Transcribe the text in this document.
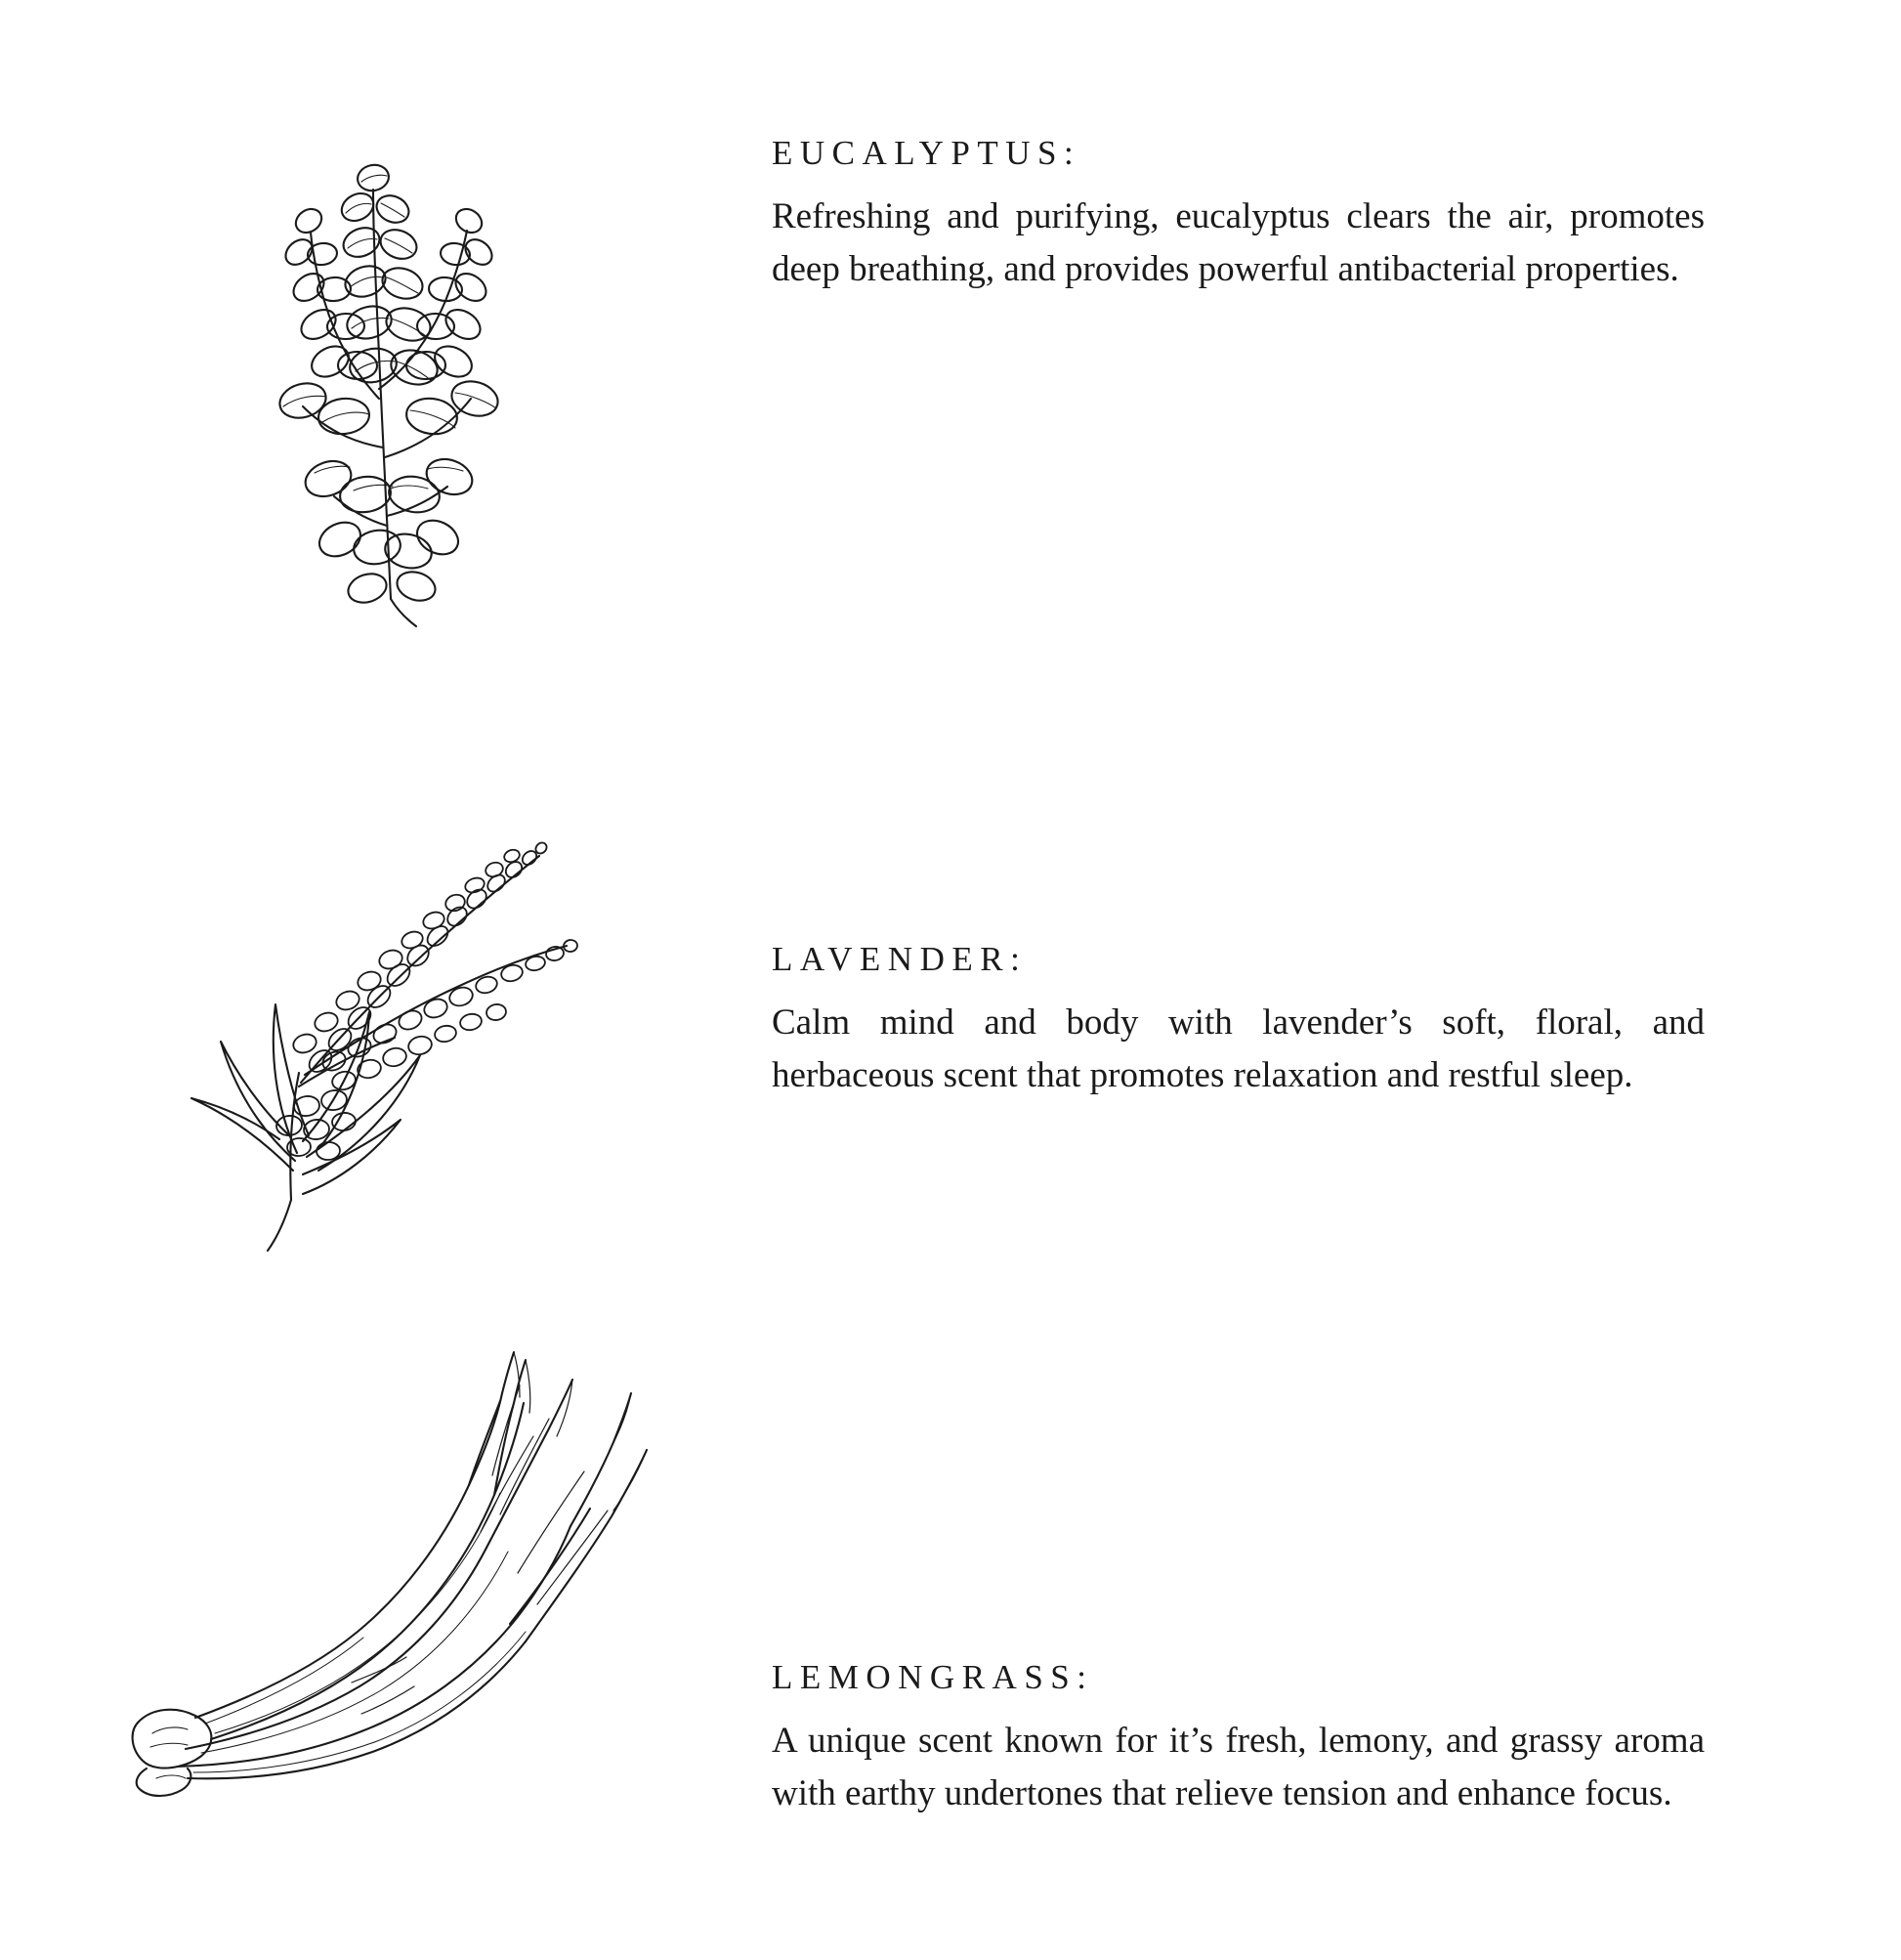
EUCALYPTUS:
Refreshing and purifying, eucalyptus clears the air, promotes deep breathing, and provides powerful antibacterial properties.
LAVENDER:
Calm mind and body with lavender’s soft, floral, and herbaceous scent that promotes relaxation and restful sleep.
LEMONGRASS:
A unique scent known for it’s fresh, lemony, and grassy aroma with earthy undertones that relieve tension and enhance focus.
